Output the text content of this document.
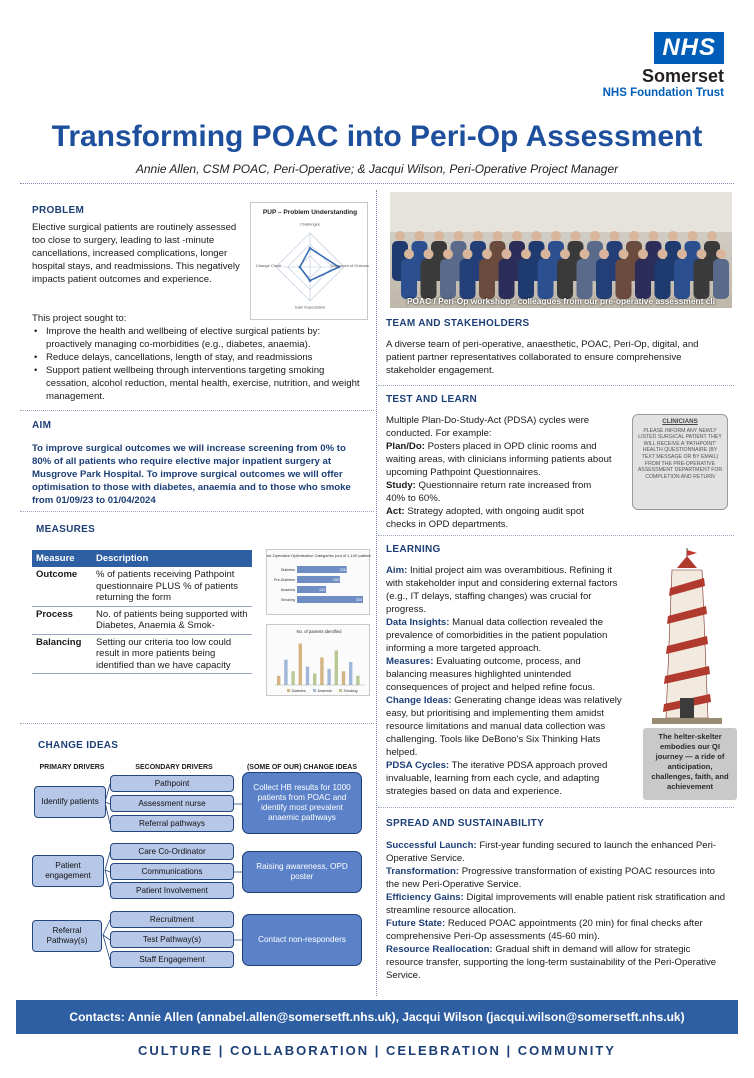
NHS
Somerset
NHS Foundation Trust
Transforming POAC into Peri-Op Assessment
Annie Allen, CSM POAC, Peri-Operative; & Jacqui Wilson, Peri-Operative Project Manager
PROBLEM
Elective surgical patients are routinely assessed too close to surgery, leading to last -minute cancellations, increased complications, longer hospital stays, and readmissions. This negatively impacts patient outcomes and experience.
This project sought to:
• Improve the health and wellbeing of elective surgical patients by: proactively managing co-morbidities (e.g., diabetes, anaemia).
• Reduce delays, cancellations, length of stay, and readmissions
• Support patient wellbeing through interventions targeting smoking cessation, alcohol reduction, mental health, exercise, nutrition, and weight management.
PUP – Problem Understanding
Challenges
Outcomes of Outcomes
Gain Expectation
Change Circle
AIM
To improve surgical outcomes we will increase screening from 0% to 80% of all patients who require elective major inpatient surgery at Musgrove Park Hospital. To improve surgical outcomes we will offer optimisation to those with diabetes, anaemia and to those who smoke from 01/09/23 to 01/04/2024
MEASURES
Measure	Description
Outcome	% of patients receiving Pathpoint questionnaire PLUS % of patients returning the form
Process	No. of patients being supported with Diabetes, Anaemia & Smok-
Balancing	Setting our criteria too low could result in more patients being identified than we have capacity
Peri-Operative Optimisation Categories (out of 1,100 patients)
Diabetes	226
Pre-Diabetes	195
Anaemia	132
Smoking	300
No. of patients identified
Diabetes	Anaemia	Smoking
CHANGE IDEAS
PRIMARY DRIVERS	SECONDARY DRIVERS	(SOME OF OUR) CHANGE IDEAS
Identify patients
Pathpoint
Assessment nurse
Referral pathways
Collect HB results for 1000 patients from POAC and identify most prevalent anaemic pathways
Patient engagement
Care Co-Ordinator
Communications
Patient Involvement
Raising awareness, OPD poster
Referral Pathway(s)
Recruitment
Test Pathway(s)
Staff Engagement
Contact non-responders
POAC / Peri-Op workshop - colleagues from our pre-operative assessment cli
TEAM AND STAKEHOLDERS
A diverse team of peri-operative, anaesthetic, POAC, Peri-Op, digital, and patient partner representatives collaborated to ensure comprehensive stakeholder engagement.
TEST AND LEARN
Multiple Plan-Do-Study-Act (PDSA) cycles were conducted. For example:
Plan/Do: Posters placed in OPD clinic rooms and waiting areas, with clinicians informing patients about upcoming Pathpoint Questionnaires.
Study: Questionnaire return rate increased from 40% to 60%.
Act: Strategy adopted, with ongoing audit spot checks in OPD departments.
CLINICIANS
PLEASE INFORM ANY NEWLY LISTED SURGICAL PATIENT THEY WILL RECEIVE A 'PATHPOINT' HEALTH QUESTIONNAIRE (BY TEXT MESSAGE OR BY EMAIL) FROM THE PRE-OPERATIVE ASSESSMENT DEPARTMENT FOR COMPLETION AND RETURN
LEARNING
Aim: Initial project aim was overambitious. Refining it with stakeholder input and considering external factors (e.g., IT delays, staffing changes) was crucial for progress.
Data Insights: Manual data collection revealed the prevalence of comorbidities in the patient population informing a more targeted approach.
Measures: Evaluating outcome, process, and balancing measures highlighted unintended consequences of project and helped refine focus.
Change Ideas: Generating change ideas was relatively easy, but prioritising and implementing them amidst resource limitations and manual data collection was challenging. Tools like DeBono's Six Thinking Hats helped.
PDSA Cycles: The iterative PDSA approach proved invaluable, learning from each cycle, and adapting strategies based on data and experience.
The helter-skelter embodies our QI journey — a ride of anticipation, challenges, faith, and achievement
SPREAD AND SUSTAINABILITY
Successful Launch: First-year funding secured to launch the enhanced Peri-Operative Service.
Transformation: Progressive transformation of existing POAC resources into the new Peri-Operative Service.
Efficiency Gains: Digital improvements will enable patient risk stratification and streamline resource allocation.
Future State: Reduced POAC appointments (20 min) for final checks after comprehensive Peri-Op assessments (45-60 min).
Resource Reallocation: Gradual shift in demand will allow for strategic resource transfer, supporting the long-term sustainability of the Peri-Operative Service.
Contacts: Annie Allen (annabel.allen@somersetft.nhs.uk), Jacqui Wilson (jacqui.wilson@somersetft.nhs.uk)
CULTURE | COLLABORATION | CELEBRATION | COMMUNITY
